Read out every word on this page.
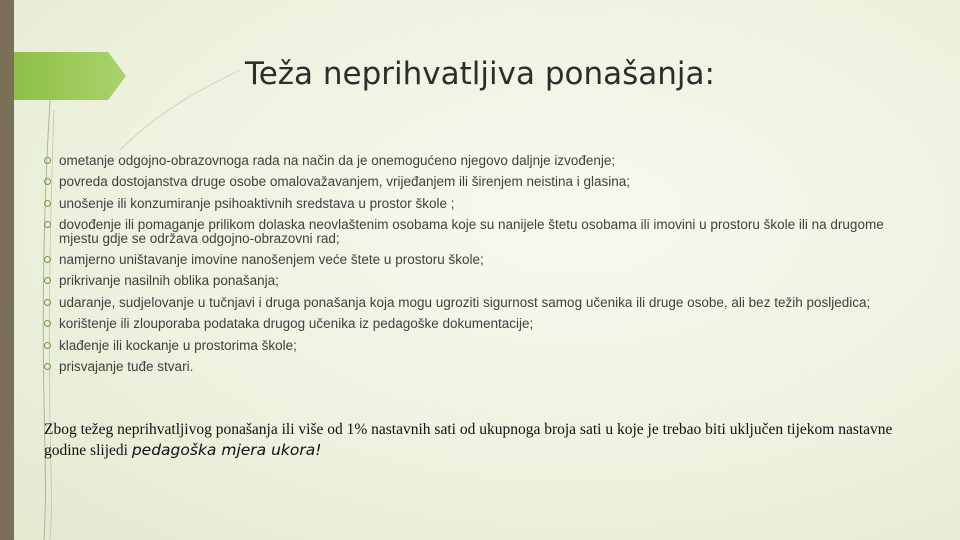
Teža neprihvatljiva ponašanja:
ometanje odgojno-obrazovnoga rada na način da je onemogućeno njegovo daljnje izvođenje;
povreda dostojanstva druge osobe omalovažavanjem, vrijeđanjem ili širenjem neistina i glasina;
unošenje ili konzumiranje psihoaktivnih sredstava u prostor škole ;
dovođenje ili pomaganje prilikom dolaska neovlaštenim osobama koje su nanijele štetu osobama ili imovini u prostoru škole ili na drugome mjestu gdje se održava odgojno-obrazovni rad;
namjerno uništavanje imovine nanošenjem veće štete u prostoru škole;
prikrivanje nasilnih oblika ponašanja;
udaranje, sudjelovanje u tučnjavi i druga ponašanja koja mogu ugroziti sigurnost samog učenika ili druge osobe, ali bez težih posljedica;
korištenje ili zlouporaba podataka drugog učenika iz pedagoške dokumentacije;
klađenje ili kockanje u prostorima škole;
prisvajanje tuđe stvari.
Zbog težeg neprihvatljivog ponašanja ili više od 1% nastavnih sati od ukupnoga broja sati u koje je trebao biti uključen tijekom nastavne godine slijedi pedagoška mjera ukora!
